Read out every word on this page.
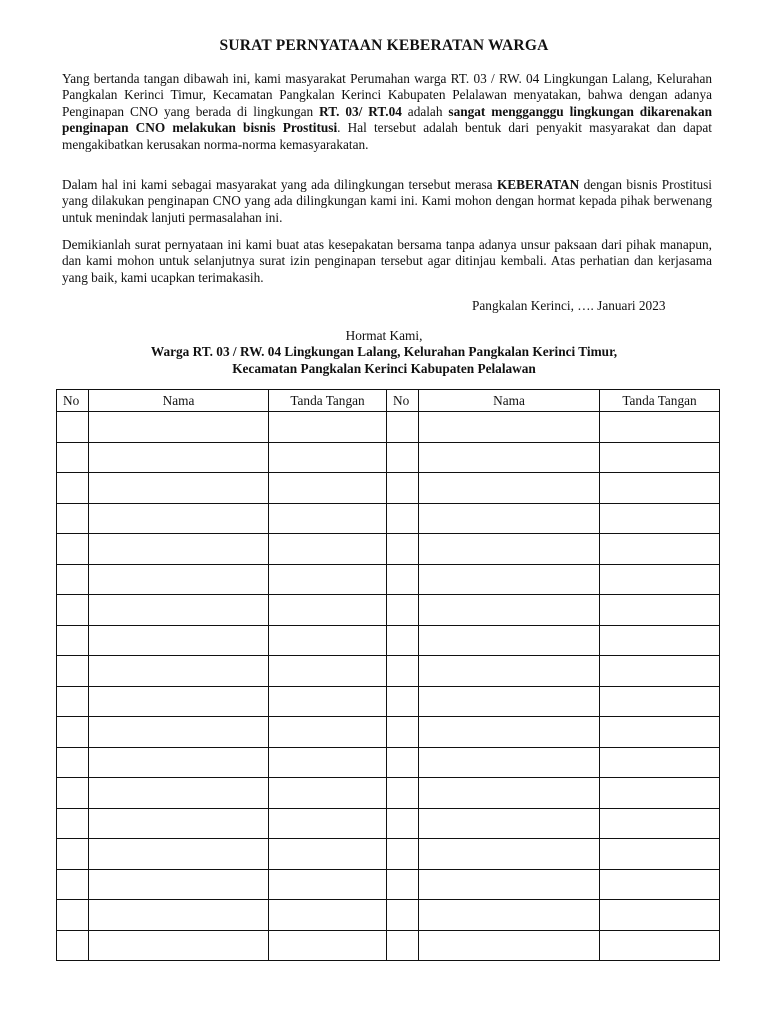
SURAT PERNYATAAN KEBERATAN WARGA

Yang bertanda tangan dibawah ini, kami masyarakat Perumahan warga RT. 03 / RW. 04 Lingkungan Lalang, Kelurahan Pangkalan Kerinci Timur, Kecamatan Pangkalan Kerinci Kabupaten Pelalawan menyatakan, bahwa dengan adanya Penginapan CNO yang berada di lingkungan RT. 03/ RT.04 adalah sangat mengganggu lingkungan dikarenakan penginapan CNO melakukan bisnis Prostitusi. Hal tersebut adalah bentuk dari penyakit masyarakat dan dapat mengakibatkan kerusakan norma-norma kemasyarakatan.

Dalam hal ini kami sebagai masyarakat yang ada dilingkungan tersebut merasa KEBERATAN dengan bisnis Prostitusi yang dilakukan penginapan CNO yang ada dilingkungan kami ini. Kami mohon dengan hormat kepada pihak berwenang untuk menindak lanjuti permasalahan ini.

Demikianlah surat pernyataan ini kami buat atas kesepakatan bersama tanpa adanya unsur paksaan dari pihak manapun, dan kami mohon untuk selanjutnya surat izin penginapan tersebut agar ditinjau kembali. Atas perhatian dan kerjasama yang baik, kami ucapkan terimakasih.

Pangkalan Kerinci, …. Januari 2023
Hormat Kami,
Warga RT. 03 / RW. 04 Lingkungan Lalang, Kelurahan Pangkalan Kerinci Timur,
Kecamatan Pangkalan Kerinci Kabupaten Pelalawan
No	Nama	Tanda Tangan	No	Nama	Tanda Tangan
